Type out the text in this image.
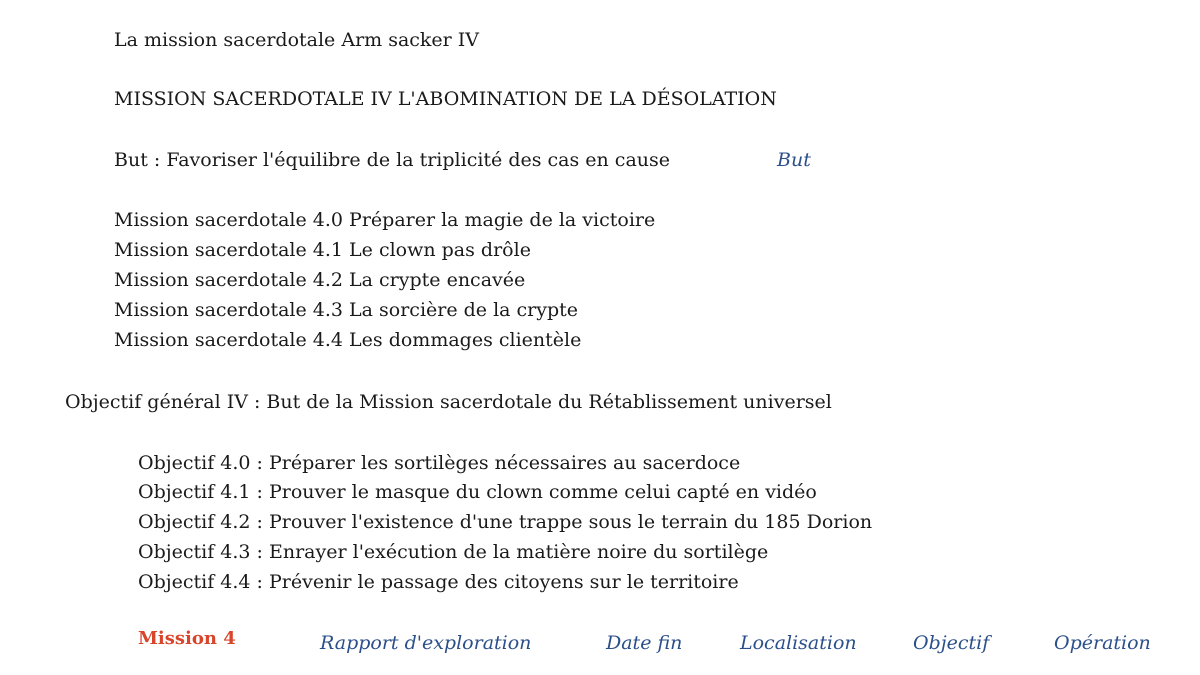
La mission sacerdotale Arm sacker IV
MISSION SACERDOTALE IV L'ABOMINATION DE LA DÉSOLATION
But : Favoriser l'équilibre de la triplicité des cas en cause	But
Mission sacerdotale 4.0 Préparer la magie de la victoire
Mission sacerdotale 4.1 Le clown pas drôle
Mission sacerdotale 4.2 La crypte encavée
Mission sacerdotale 4.3 La sorcière de la crypte
Mission sacerdotale 4.4 Les dommages clientèle
Objectif général IV : But de la Mission sacerdotale du Rétablissement universel
Objectif 4.0 : Préparer les sortilèges nécessaires au sacerdoce
Objectif 4.1 : Prouver le masque du clown comme celui capté en vidéo
Objectif 4.2 : Prouver l'existence d'une trappe sous le terrain du 185 Dorion
Objectif 4.3 : Enrayer l'exécution de la matière noire du sortilège
Objectif 4.4 : Prévenir le passage des citoyens sur le territoire
Mission 4	Rapport d'exploration	Date fin	Localisation	Objectif	Opération
